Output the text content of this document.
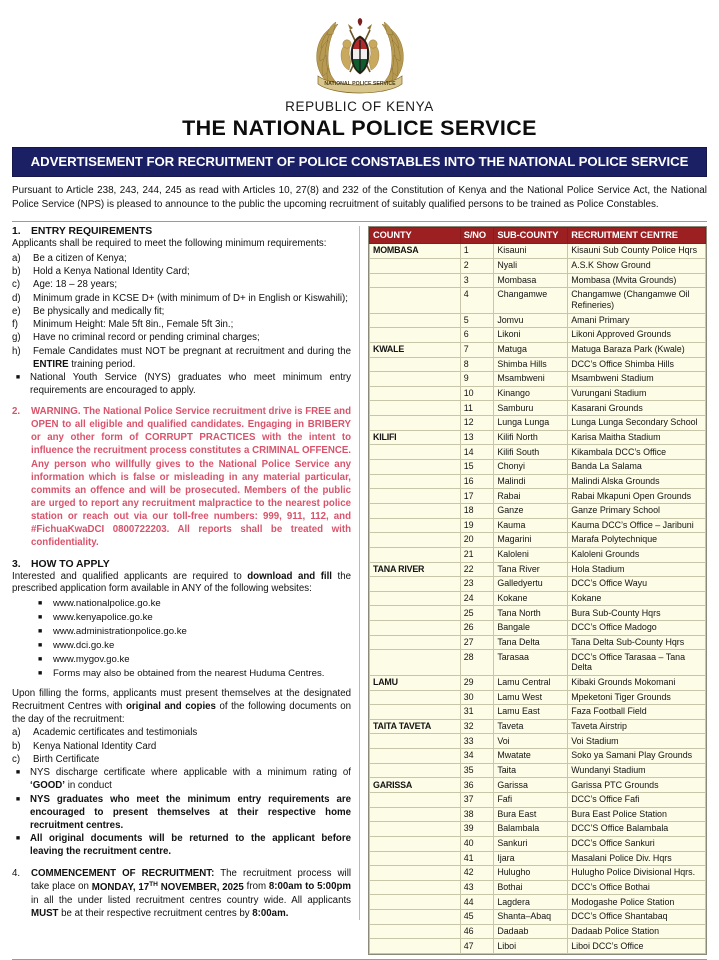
NATIONAL POLICE SERVICE
REPUBLIC OF KENYA
THE NATIONAL POLICE SERVICE
ADVERTISEMENT FOR RECRUITMENT OF POLICE CONSTABLES INTO THE NATIONAL POLICE SERVICE
Pursuant to Article 238, 243, 244, 245 as read with Articles 10, 27(8) and 232 of the Constitution of Kenya and the National Police Service Act, the National Police Service (NPS) is pleased to announce to the public the upcoming recruitment of suitably qualified persons to be trained as Police Constables.
1. ENTRY REQUIREMENTS
Applicants shall be required to meet the following minimum requirements:
a)	Be a citizen of Kenya;
b)	Hold a Kenya National Identity Card;
c)	Age: 18 – 28 years;
d)	Minimum grade in KCSE D+ (with minimum of D+ in English or Kiswahili);
e)	Be physically and medically fit;
f)	Minimum Height: Male 5ft 8in., Female 5ft 3in.;
g)	Have no criminal record or pending criminal charges;
h)	Female Candidates must NOT be pregnant at recruitment and during the ENTIRE training period.
■	National Youth Service (NYS) graduates who meet minimum entry requirements are encouraged to apply.
2.	WARNING. The National Police Service recruitment drive is FREE and OPEN to all eligible and qualified candidates. Engaging in BRIBERY or any other form of CORRUPT PRACTICES with the intent to influence the recruitment process constitutes a CRIMINAL OFFENCE. Any person who willfully gives to the National Police Service any information which is false or misleading in any material particular, commits an offence and will be prosecuted. Members of the public are urged to report any recruitment malpractice to the nearest police station or reach out via our toll-free numbers: 999, 911, 112, and #FichuaKwaDCI 0800722203. All reports shall be treated with confidentiality.
3. HOW TO APPLY
Interested and qualified applicants are required to download and fill the prescribed application form available in ANY of the following websites:
■	www.nationalpolice.go.ke
■	www.kenyapolice.go.ke
■	www.administrationpolice.go.ke
■	www.dci.go.ke
■	www.mygov.go.ke
■	Forms may also be obtained from the nearest Huduma Centres.
Upon filling the forms, applicants must present themselves at the designated Recruitment Centres with original and copies of the following documents on the day of the recruitment:
a)	Academic certificates and testimonials
b)	Kenya National Identity Card
c)	Birth Certificate
■	NYS discharge certificate where applicable with a minimum rating of ‘GOOD’ in conduct
■	NYS graduates who meet the minimum entry requirements are encouraged to present themselves at their respective home recruitment centres.
■	All original documents will be returned to the applicant before leaving the recruitment centre.
4.	COMMENCEMENT OF RECRUITMENT: The recruitment process will take place on MONDAY, 17TH NOVEMBER, 2025 from 8:00am to 5:00pm in all the under listed recruitment centres country wide. All applicants MUST be at their respective recruitment centres by 8:00am.
COUNTY	S/NO	SUB-COUNTY	RECRUITMENT CENTRE
MOMBASA	1	Kisauni	Kisauni Sub County Police Hqrs
	2	Nyali	A.S.K Show Ground
	3	Mombasa	Mombasa (Mvita Grounds)
	4	Changamwe	Changamwe (Changamwe Oil Refineries)
	5	Jomvu	Amani Primary
	6	Likoni	Likoni Approved Grounds
KWALE	7	Matuga	Matuga Baraza Park (Kwale)
	8	Shimba Hills	DCC’s Office Shimba Hills
	9	Msambweni	Msambweni Stadium
	10	Kinango	Vurungani Stadium
	11	Samburu	Kasarani Grounds
	12	Lunga Lunga	Lunga Lunga Secondary School
KILIFI	13	Kilifi North	Karisa Maitha Stadium
	14	Kilifi South	Kikambala DCC’s Office
	15	Chonyi	Banda La Salama
	16	Malindi	Malindi Alska Grounds
	17	Rabai	Rabai Mkapuni Open Grounds
	18	Ganze	Ganze Primary School
	19	Kauma	Kauma DCC’s Office – Jaribuni
	20	Magarini	Marafa Polytechnique
	21	Kaloleni	Kaloleni Grounds
TANA RIVER	22	Tana River	Hola Stadium
	23	Galledyertu	DCC’s Office Wayu
	24	Kokane	Kokane
	25	Tana North	Bura Sub-County Hqrs
	26	Bangale	DCC’s Office Madogo
	27	Tana Delta	Tana Delta Sub-County Hqrs
	28	Tarasaa	DCC’s Office Tarasaa – Tana Delta
LAMU	29	Lamu Central	Kibaki Grounds Mokomani
	30	Lamu West	Mpeketoni Tiger Grounds
	31	Lamu East	Faza Football Field
TAITA TAVETA	32	Taveta	Taveta Airstrip
	33	Voi	Voi Stadium
	34	Mwatate	Soko ya Samani Play Grounds
	35	Taita	Wundanyi Stadium
GARISSA	36	Garissa	Garissa PTC Grounds
	37	Fafi	DCC’s Office Fafi
	38	Bura East	Bura East Police Station
	39	Balambala	DCC’S Office Balambala
	40	Sankuri	DCC’s Office Sankuri
	41	Ijara	Masalani Police Div. Hqrs
	42	Hulugho	Hulugho Police Divisional Hqrs.
	43	Bothai	DCC’s Office Bothai
	44	Lagdera	Modogashe Police Station
	45	Shanta–Abaq	DCC’s Office Shantabaq
	46	Dadaab	Dadaab Police Station
	47	Liboi	Liboi DCC’s Office
